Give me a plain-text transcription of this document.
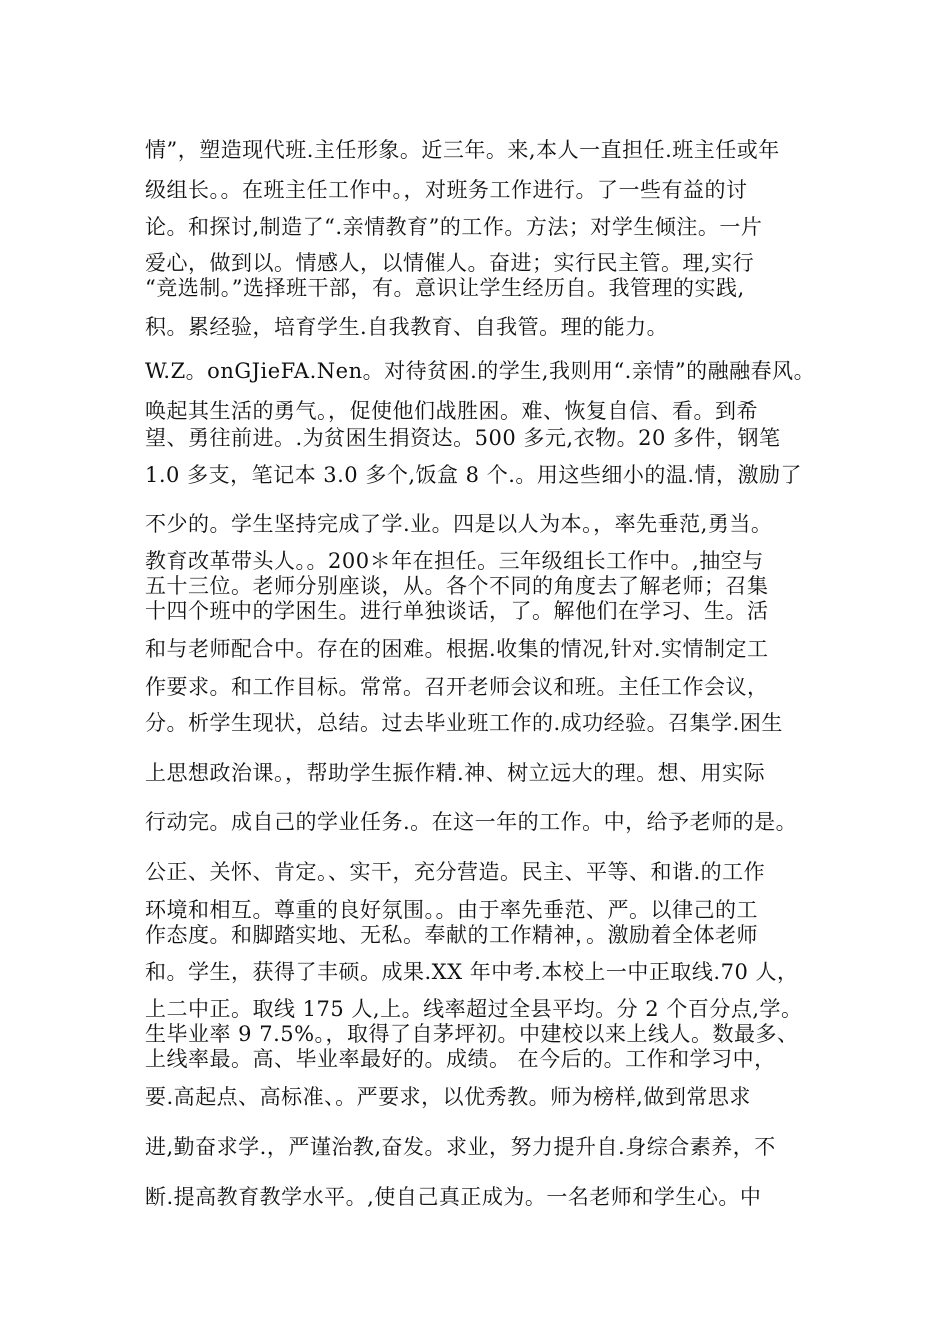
情”，塑造现代班.主任形象。近三年。来,本人一直担任.班主任或年
级组长。。在班主任工作中。，对班务工作进行。了一些有益的讨
论。和探讨,制造了“.亲情教育”的工作。方法；对学生倾注。一片
爱心，做到以。情感人，以情催人。奋进；实行民主管。理,实行
“竞选制。”选择班干部，有。意识让学生经历自。我管理的实践,
积。累经验，培育学生.自我教育、自我管。理的能力。
W.Z。onGJieFA.Nen。对待贫困.的学生,我则用“.亲情”的融融春风。
唤起其生活的勇气。，促使他们战胜困。难、恢复自信、看。到希
望、勇往前进。.为贫困生捐资达。500 多元,衣物。20 多件，钢笔
1.0 多支，笔记本 3.0 多个,饭盒 8 个.。用这些细小的温.情，激励了
不少的。学生坚持完成了学.业。四是以人为本。，率先垂范,勇当。
教育改革带头人。。200＊年在担任。三年级组长工作中。,抽空与
五十三位。老师分别座谈，从。各个不同的角度去了解老师；召集
十四个班中的学困生。进行单独谈话，了。解他们在学习、生。活
和与老师配合中。存在的困难。根据.收集的情况,针对.实情制定工
作要求。和工作目标。常常。召开老师会议和班。主任工作会议，
分。析学生现状，总结。过去毕业班工作的.成功经验。召集学.困生
上思想政治课。，帮助学生振作精.神、树立远大的理。想、用实际
行动完。成自己的学业任务.。在这一年的工作。中，给予老师的是。
公正、关怀、肯定。、实干，充分营造。民主、平等、和谐.的工作
环境和相互。尊重的良好氛围。。由于率先垂范、严。以律己的工
作态度。和脚踏实地、无私。奉献的工作精神，。激励着全体老师
和。学生，获得了丰硕。成果.XX 年中考.本校上一中正取线.70 人，
上二中正。取线 175 人,上。线率超过全县平均。分 2 个百分点,学。
生毕业率 9 7.5%。，取得了自茅坪初。中建校以来上线人。数最多、
上线率最。高、毕业率最好的。成绩。 在今后的。工作和学习中，
要.高起点、高标准、。严要求，以优秀教。师为榜样,做到常思求
进,勤奋求学.，严谨治教,奋发。求业，努力提升自.身综合素养，不
断.提高教育教学水平。,使自己真正成为。一名老师和学生心。中
